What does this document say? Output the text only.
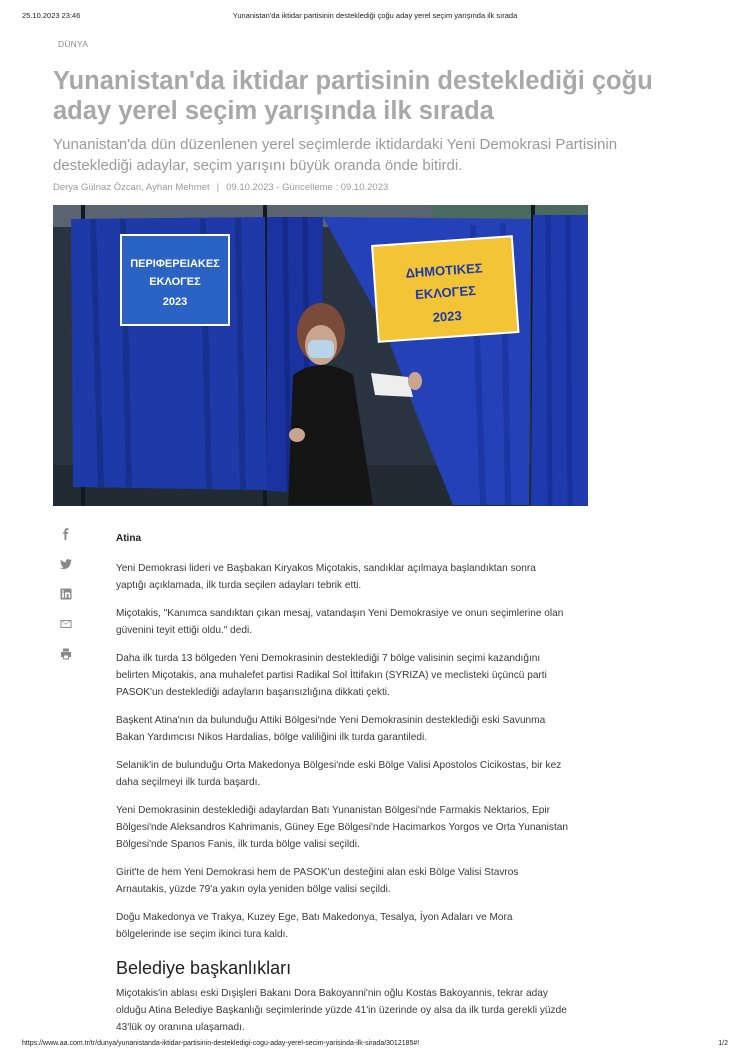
25.10.2023 23:46	Yunanistan'da iktidar partisinin desteklediği çoğu aday yerel seçim yarışında ilk sırada
DÜNYA
Yunanistan'da iktidar partisinin desteklediği çoğu aday yerel seçim yarışında ilk sırada

Yunanistan'da dün düzenlenen yerel seçimlerde iktidardaki Yeni Demokrasi Partisinin desteklediği adaylar, seçim yarışını büyük oranda önde bitirdi.

Derya Gülnaz Özcan, Ayhan Mehmet | 09.10.2023 - Güncelleme : 09.10.2023
ΠΕΡΙΦΕΡΕΙΑΚΕΣ
ΕΚΛΟΓΕΣ
2023
ΔΗΜΟΤΙΚΕΣ
ΕΚΛΟΓΕΣ
2023
Atina

Yeni Demokrasi lideri ve Başbakan Kiryakos Miçotakis, sandıklar açılmaya başlandıktan sonra yaptığı açıklamada, ilk turda seçilen adayları tebrik etti.

Miçotakis, "Kanımca sandıktan çıkan mesaj, vatandaşın Yeni Demokrasiye ve onun seçimlerine olan güvenini teyit ettiği oldu." dedi.

Daha ilk turda 13 bölgeden Yeni Demokrasinin desteklediği 7 bölge valisinin seçimi kazandığını belirten Miçotakis, ana muhalefet partisi Radikal Sol İttifakın (SYRIZA) ve meclisteki üçüncü parti PASOK'un desteklediği adayların başarısızlığına dikkati çekti.

Başkent Atina'nın da bulunduğu Attiki Bölgesi'nde Yeni Demokrasinin desteklediği eski Savunma Bakan Yardımcısı Nikos Hardalias, bölge valiliğini ilk turda garantiledi.

Selanik'in de bulunduğu Orta Makedonya Bölgesi'nde eski Bölge Valisi Apostolos Cicikostas, bir kez daha seçilmeyi ilk turda başardı.

Yeni Demokrasinin desteklediği adaylardan Batı Yunanistan Bölgesi'nde Farmakis Nektarios, Epir Bölgesi'nde Aleksandros Kahrimanis, Güney Ege Bölgesi'nde Hacimarkos Yorgos ve Orta Yunanistan Bölgesi'nde Spanos Fanis, ilk turda bölge valisi seçildi.

Girit'te de hem Yeni Demokrasi hem de PASOK'un desteğini alan eski Bölge Valisi Stavros Arnautakis, yüzde 79'a yakın oyla yeniden bölge valisi seçildi.

Doğu Makedonya ve Trakya, Kuzey Ege, Batı Makedonya, Tesalya, İyon Adaları ve Mora bölgelerinde ise seçim ikinci tura kaldı.

Belediye başkanlıkları

Miçotakis'in ablası eski Dışişleri Bakanı Dora Bakoyanni'nin oğlu Kostas Bakoyannis, tekrar aday olduğu Atina Belediye Başkanlığı seçimlerinde yüzde 41'in üzerinde oy alsa da ilk turda gerekli yüzde 43'lük oy oranına ulaşamadı.

https://www.aa.com.tr/tr/dunya/yunanistanda-iktidar-partisinin-destekledigi-cogu-aday-yerel-secim-yarisinda-ilk-sirada/3012185#!	1/2
